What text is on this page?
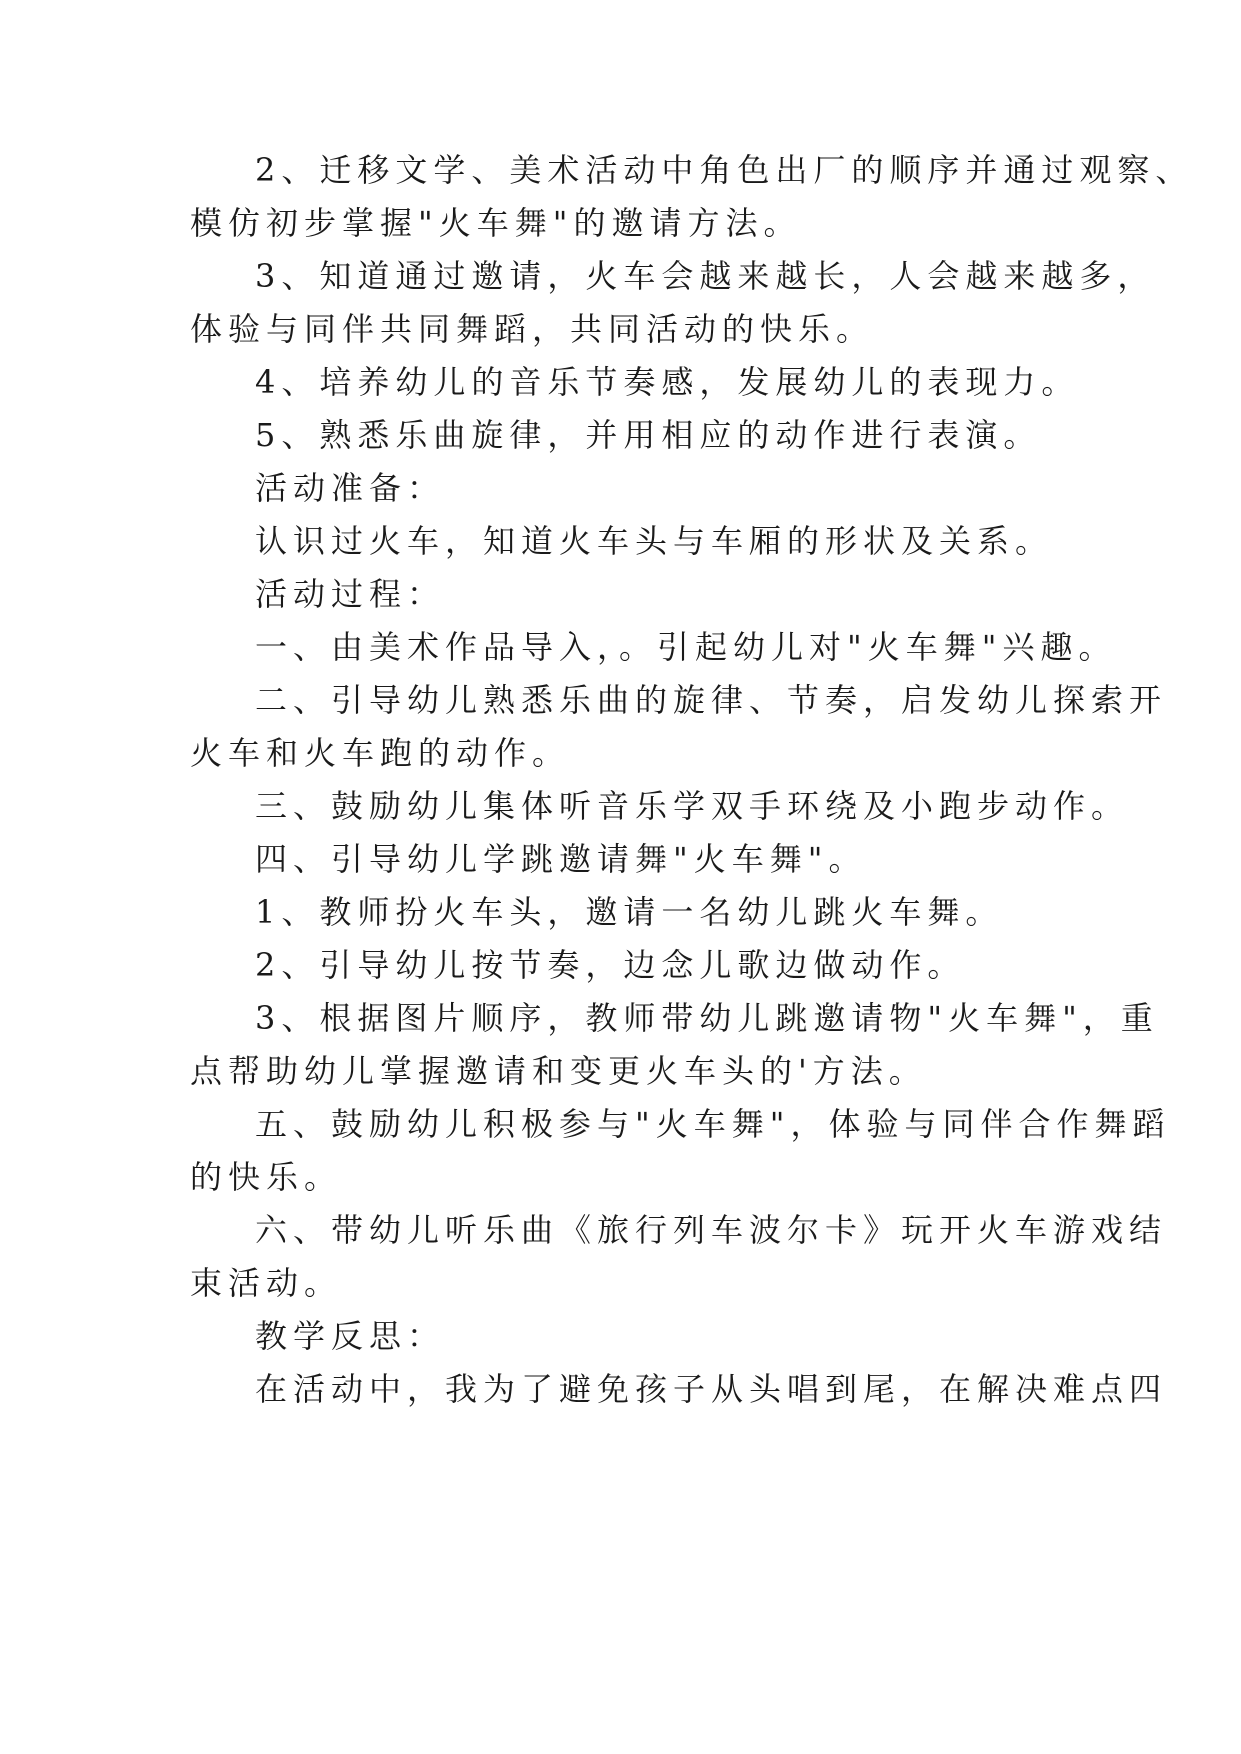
2、迁移文学、美术活动中角色出厂的顺序并通过观察、

模仿初步掌握"火车舞"的邀请方法。

3、知道通过邀请，火车会越来越长，人会越来越多，

体验与同伴共同舞蹈，共同活动的快乐。

4、培养幼儿的音乐节奏感，发展幼儿的表现力。

5、熟悉乐曲旋律，并用相应的动作进行表演。

活动准备：

认识过火车，知道火车头与车厢的形状及关系。

活动过程：

一、由美术作品导入，。引起幼儿对"火车舞"兴趣。

二、引导幼儿熟悉乐曲的旋律、节奏，启发幼儿探索开

火车和火车跑的动作。

三、鼓励幼儿集体听音乐学双手环绕及小跑步动作。

四、引导幼儿学跳邀请舞"火车舞"。

1、教师扮火车头，邀请一名幼儿跳火车舞。

2、引导幼儿按节奏，边念儿歌边做动作。

3、根据图片顺序，教师带幼儿跳邀请物"火车舞"，重

点帮助幼儿掌握邀请和变更火车头的'方法。

五、鼓励幼儿积极参与"火车舞"，体验与同伴合作舞蹈

的快乐。

六、带幼儿听乐曲《旅行列车波尔卡》玩开火车游戏结

束活动。

教学反思：

在活动中，我为了避免孩子从头唱到尾，在解决难点四
